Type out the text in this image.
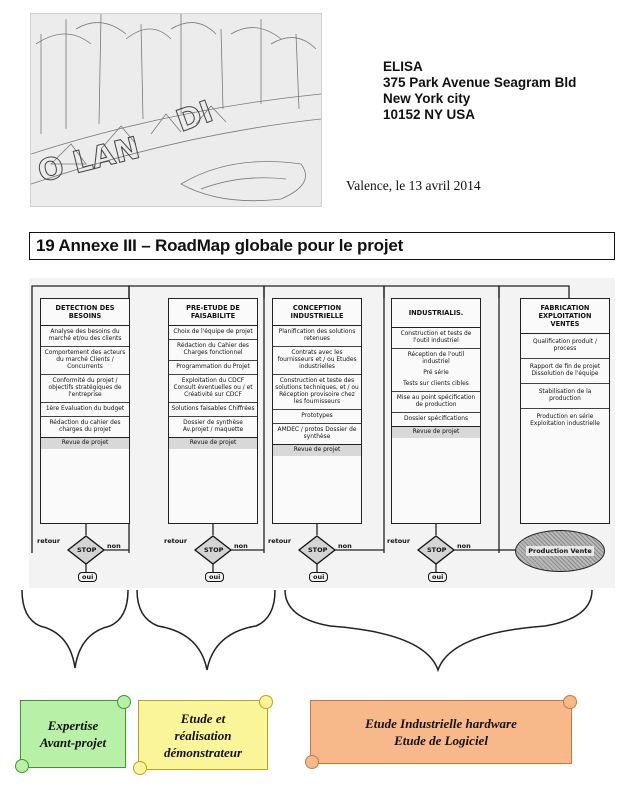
O LAN
DI
ELISA
375 Park Avenue Seagram Bld
New York city
10152 NY USA
Valence, le 13 avril 2014
19 Annexe III – RoadMap globale pour le projet
DETECTION DES BESOINS
Analyse des besoins du marché et/ou des clients
Comportement des acteurs du marché Clients / Concurrents
Conformité du projet / objectifs stratégiques de l'entreprise
1ère Evaluation du budget
Rédaction du cahier des charges du projet
Revue de projet
PRE-ETUDE DE FAISABILITE
Choix de l'équipe de projet
Rédaction du Cahier des Charges fonctionnel
Programmation du Projet
Exploitation du CDCF Consult éventuelles ou / et Créativité sur CDCF
Solutions faisables Chiffrées
Dossier de synthèse Av.projet / maquette
Revue de projet
CONCEPTION INDUSTRIELLE
Planification des solutions retenues
Contrats avec les fournisseurs et / ou Etudes industrielles
Construction et teste des solutions techniques, et / ou Réception provisoire chez les fournisseurs
Prototypes
AMDEC / protos Dossier de synthèse
Revue de projet
INDUSTRIALIS.
Construction et tests de l'outil industriel
Réception de l'outil industriel
Pré série
Tests sur clients cibles
Mise au point spécification de production
Dossier spécifications
Revue de projet
FABRICATION EXPLOITATION VENTES
Qualification produit / process
Rapport de fin de projet Dissolution de l'équipe
Stabilisation de la production
Production en série Exploitation industrielle
STOP
retour
non
oui
STOP
retour
non
oui
STOP
retour
non
oui
STOP
retour
non
oui
Production Vente
Expertise
Avant-projet
Etude et
réalisation
démonstrateur
Etude Industrielle hardware
Etude de Logiciel
